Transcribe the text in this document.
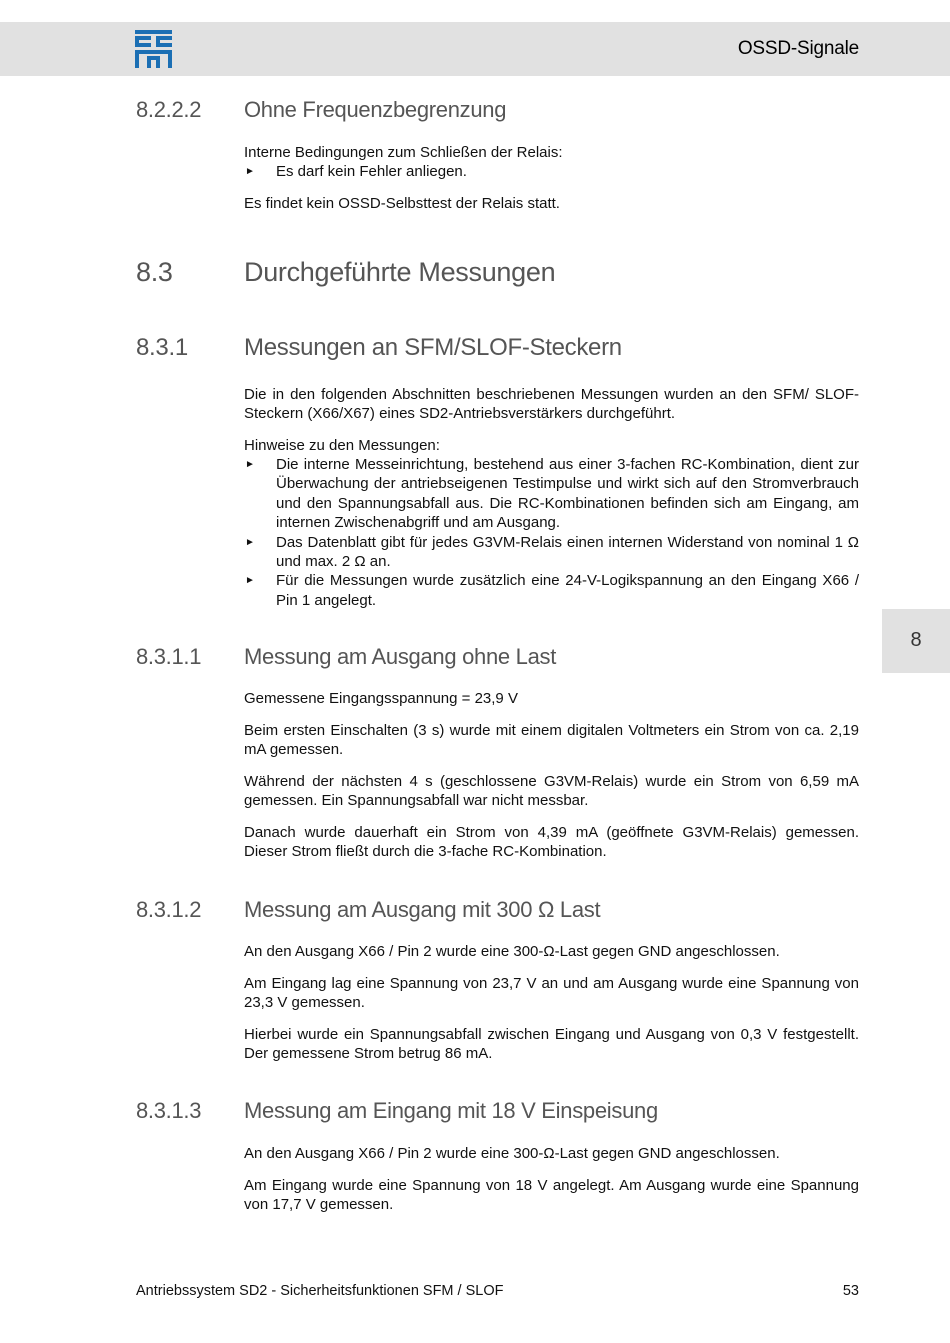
OSSD-Signale
8
8.2.2.2 Ohne Frequenzbegrenzung

Interne Bedingungen zum Schließen der Relais:

► Es darf kein Fehler anliegen.

Es findet kein OSSD-Selbsttest der Relais statt.

8.3	Durchgeführte Messungen
8.3.1 Messungen an SFM/SLOF-Steckern

Die in den folgenden Abschnitten beschriebenen Messungen wurden an den SFM/ SLOF-Steckern (X66/X67) eines SD2-Antriebsverstärkers durchgeführt.

Hinweise zu den Messungen:

► Die interne Messeinrichtung, bestehend aus einer 3-fachen RC-Kombination, dient zur Überwachung der antriebseigenen Testimpulse und wirkt sich auf den Stromverbrauch und den Spannungsabfall aus. Die RC-Kombinationen befinden sich am Eingang, am internen Zwischenabgriff und am Ausgang.
► Das Datenblatt gibt für jedes G3VM-Relais einen internen Widerstand von nominal 1 Ω und max. 2 Ω an.
► Für die Messungen wurde zusätzlich eine 24-V-Logikspannung an den Eingang X66 / Pin 1 angelegt.
8.3.1.1 Messung am Ausgang ohne Last

Gemessene Eingangsspannung = 23,9 V

Beim ersten Einschalten (3 s) wurde mit einem digitalen Voltmeters ein Strom von ca. 2,19 mA gemessen.

Während der nächsten 4 s (geschlossene G3VM-Relais) wurde ein Strom von 6,59 mA gemessen. Ein Spannungsabfall war nicht messbar.

Danach wurde dauerhaft ein Strom von 4,39 mA (geöffnete G3VM-Relais) gemessen. Dieser Strom fließt durch die 3-fache RC-Kombination.

8.3.1.2 Messung am Ausgang mit 300 Ω Last

An den Ausgang X66 / Pin 2 wurde eine 300-Ω-Last gegen GND angeschlossen.

Am Eingang lag eine Spannung von 23,7 V an und am Ausgang wurde eine Spannung von 23,3 V gemessen.

Hierbei wurde ein Spannungsabfall zwischen Eingang und Ausgang von 0,3 V festgestellt. Der gemessene Strom betrug 86 mA.

8.3.1.3 Messung am Eingang mit 18 V Einspeisung

An den Ausgang X66 / Pin 2 wurde eine 300-Ω-Last gegen GND angeschlossen.

Am Eingang wurde eine Spannung von 18 V angelegt. Am Ausgang wurde eine Spannung von 17,7 V gemessen.

Antriebssystem SD2 - Sicherheitsfunktionen SFM / SLOF	53
